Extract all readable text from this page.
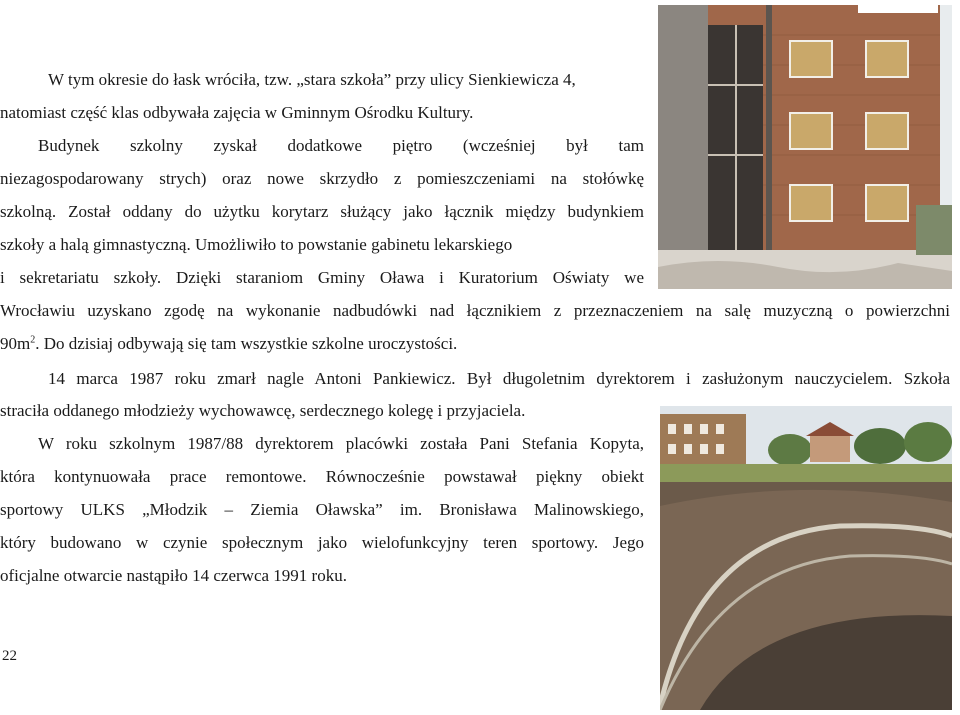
W tym okresie do łask wróciła, tzw. „stara szkoła” przy ulicy Sienkiewicza 4,

natomiast część klas odbywała zajęcia w Gminnym Ośrodku Kultury.

Budynek szkolny zyskał dodatkowe piętro (wcześniej był tam

niezagospodarowany strych) oraz nowe skrzydło z pomieszczeniami na stołówkę

szkolną. Został oddany do użytku korytarz służący jako łącznik między budynkiem

szkoły a halą gimnastyczną. Umożliwiło to powstanie gabinetu lekarskiego

i sekretariatu szkoły. Dzięki staraniom Gminy Oława i Kuratorium Oświaty we

Wrocławiu uzyskano zgodę na wykonanie nadbudówki nad łącznikiem z przeznaczeniem na salę muzyczną o powierzchni

$90m^2$. Do dzisiaj odbywają się tam wszystkie szkolne uroczystości.

14 marca 1987 roku zmarł nagle Antoni Pankiewicz. Był długoletnim dyrektorem i zasłużonym nauczycielem. Szkoła

straciła oddanego młodzieży wychowawcę, serdecznego kolegę i przyjaciela.

W roku szkolnym 1987/88 dyrektorem placówki została Pani Stefania Kopyta,

która kontynuowała prace remontowe. Równocześnie powstawał piękny obiekt

sportowy ULKS „Młodzik – Ziemia Oławska” im. Bronisława Malinowskiego,

który budowano w czynie społecznym jako wielofunkcyjny teren sportowy. Jego

oficjalne otwarcie nastąpiło 14 czerwca 1991 roku.

22
